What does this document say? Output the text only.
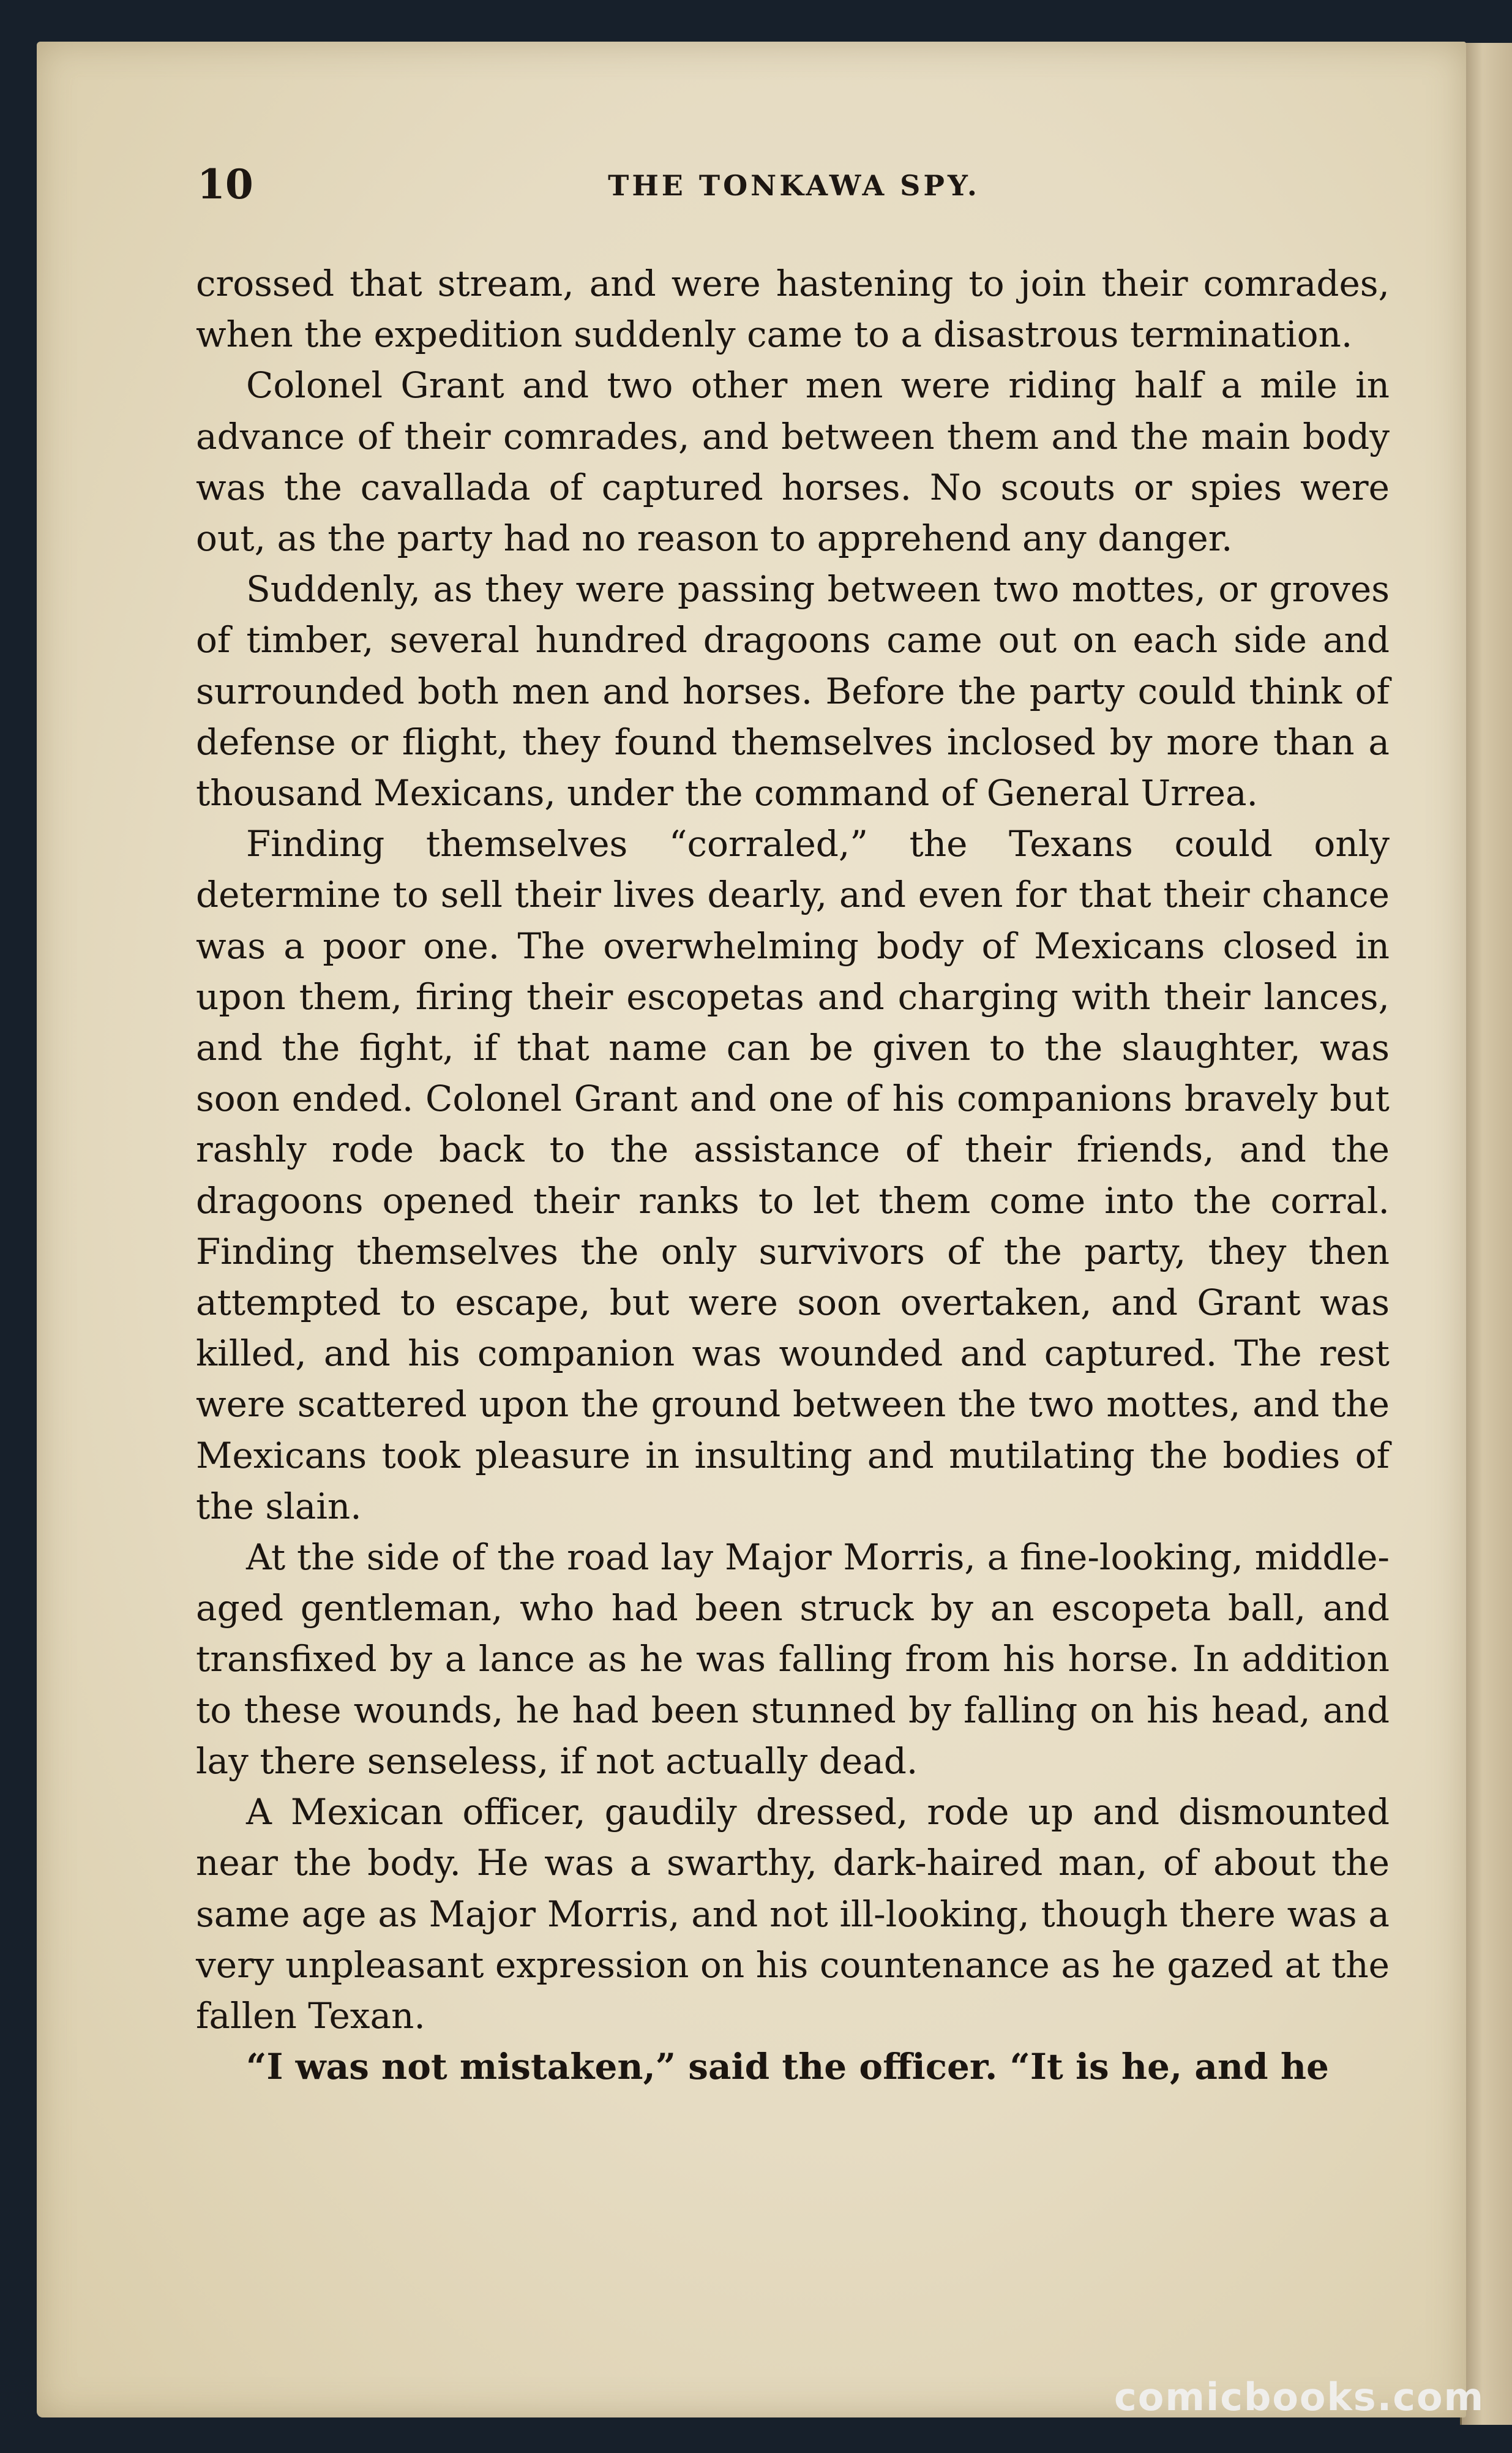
10	THE TONKAWA SPY.

crossed that stream, and were hastening to join their comrades, when the expedition suddenly came to a disastrous termination.

Colonel Grant and two other men were riding half a mile in advance of their comrades, and between them and the main body was the cavallada of captured horses. No scouts or spies were out, as the party had no reason to apprehend any danger.

Suddenly, as they were passing between two mottes, or groves of timber, several hundred dragoons came out on each side and surrounded both men and horses. Before the party could think of defense or flight, they found themselves inclosed by more than a thousand Mexicans, under the command of General Urrea.

Finding themselves “corraled,” the Texans could only determine to sell their lives dearly, and even for that their chance was a poor one. The overwhelming body of Mexicans closed in upon them, firing their escopetas and charging with their lances, and the fight, if that name can be given to the slaughter, was soon ended. Colonel Grant and one of his companions bravely but rashly rode back to the assistance of their friends, and the dragoons opened their ranks to let them come into the corral. Finding themselves the only survivors of the party, they then attempted to escape, but were soon overtaken, and Grant was killed, and his companion was wounded and captured. The rest were scattered upon the ground between the two mottes, and the Mexicans took pleasure in insulting and mutilating the bodies of the slain.

At the side of the road lay Major Morris, a fine-looking, middle-aged gentleman, who had been struck by an escopeta ball, and transfixed by a lance as he was falling from his horse. In addition to these wounds, he had been stunned by falling on his head, and lay there senseless, if not actually dead.

A Mexican officer, gaudily dressed, rode up and dismounted near the body. He was a swarthy, dark-haired man, of about the same age as Major Morris, and not ill-looking, though there was a very unpleasant expression on his countenance as he gazed at the fallen Texan.

“I was not mistaken,” said the officer. “It is he, and he

comicbooks.com
